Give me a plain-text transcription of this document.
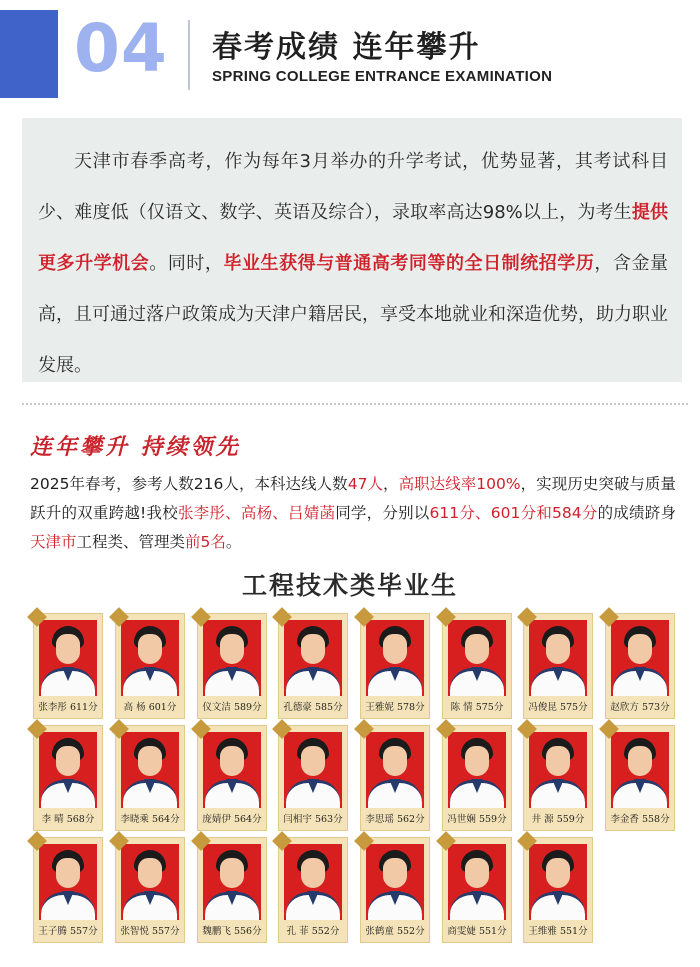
04 春考成绩 连年攀升
SPRING COLLEGE ENTRANCE EXAMINATION

天津市春季高考，作为每年3月举办的升学考试，优势显著，其考试科目少、难度低（仅语文、数学、英语及综合），录取率高达98%以上，为考生提供更多升学机会。同时，毕业生获得与普通高考同等的全日制统招学历，含金量高，且可通过落户政策成为天津户籍居民，享受本地就业和深造优势，助力职业发展。

连年攀升 持续领先
2025年春考，参考人数216人，本科达线人数47人，高职达线率100%，实现历史突破与质量跃升的双重跨越!我校张李彤、高杨、吕婧菡同学，分别以611分、601分和584分的成绩跻身天津市工程类、管理类前5名。
工程技术类毕业生
张李彤 611分	高 杨 601分	仪文洁 589分	孔德豪 585分	王雅妮 578分	陈 情 575分	冯俊昆 575分	赵欣方 573分
李 晴 568分	李晓乘 564分	庞婧伊 564分	闫相宇 563分	李思瑶 562分	冯世娴 559分	井 源 559分	李金香 558分
王子腾 557分	张智悦 557分	魏鹏飞 556分	孔 菲 552分	张鹤童 552分	商雯婕 551分	王维雅 551分
